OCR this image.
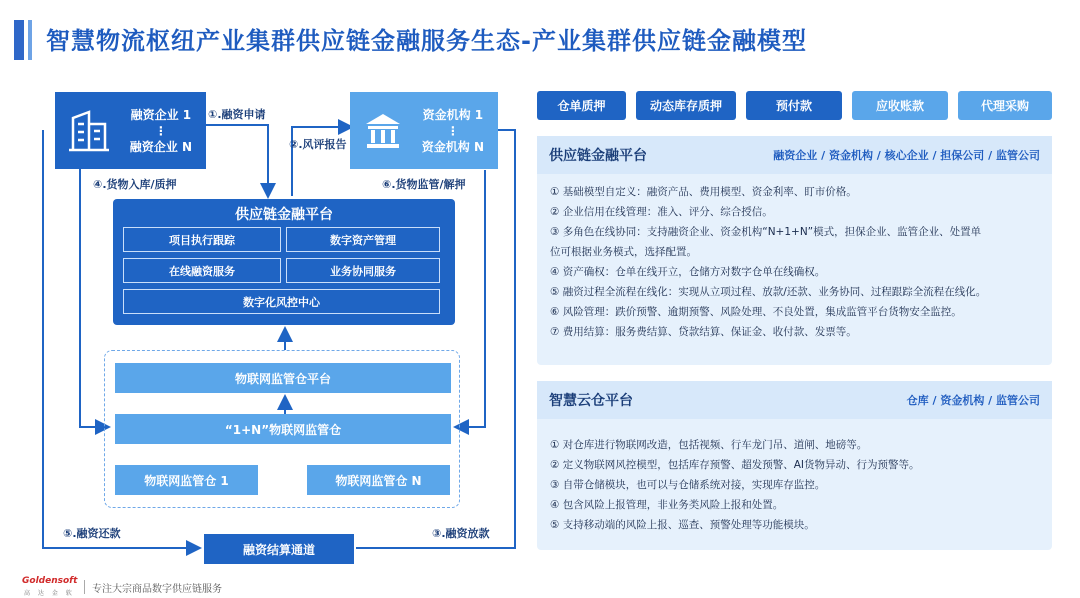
智慧物流枢纽产业集群供应链金融服务生态-产业集群供应链金融模型
融资企业 1
⋮
融资企业 N
资金机构 1
⋮
资金机构 N
①.融资申请
②.风评报告
④.货物入库/质押	⑥.货物监管/解押
⑤.融资还款	③.融资放款
供应链金融平台
项目执行跟踪	数字资产管理
在线融资服务	业务协同服务
数字化风控中心
物联网监管仓平台
“1+N”物联网监管仓
物联网监管仓 1	物联网监管仓 N
融资结算通道
仓单质押	动态库存质押	预付款	应收账款	代理采购
供应链金融平台	融资企业 / 资金机构 / 核心企业 / 担保公司 / 监管公司
① 基础模型自定义：融资产品、费用模型、资金利率、盯市价格。
② 企业信用在线管理：准入、评分、综合授信。
③ 多角色在线协同：支持融资企业、资金机构“N+1+N”模式，担保企业、监管企业、处置单
位可根据业务模式，选择配置。
④ 资产确权：仓单在线开立，仓储方对数字仓单在线确权。
⑤ 融资过程全流程在线化：实现从立项过程、放款/还款、业务协同、过程跟踪全流程在线化。
⑥ 风险管理：跌价预警、逾期预警、风险处理、不良处置，集成监管平台货物安全监控。
⑦ 费用结算：服务费结算、贷款结算、保证金、收付款、发票等。
智慧云仓平台	仓库 / 资金机构 / 监管公司
① 对仓库进行物联网改造，包括视频、行车龙门吊、道闸、地磅等。
② 定义物联网风控模型，包括库存预警、超发预警、AI货物异动、行为预警等。
③ 自带仓储模块，也可以与仓储系统对接，实现库存监控。
④ 包含风险上报管理，非业务类风险上报和处置。
⑤ 支持移动端的风险上报、巡查、预警处理等功能模块。
Goldensoft
高 达 金 软 专注大宗商品数字供应链服务
